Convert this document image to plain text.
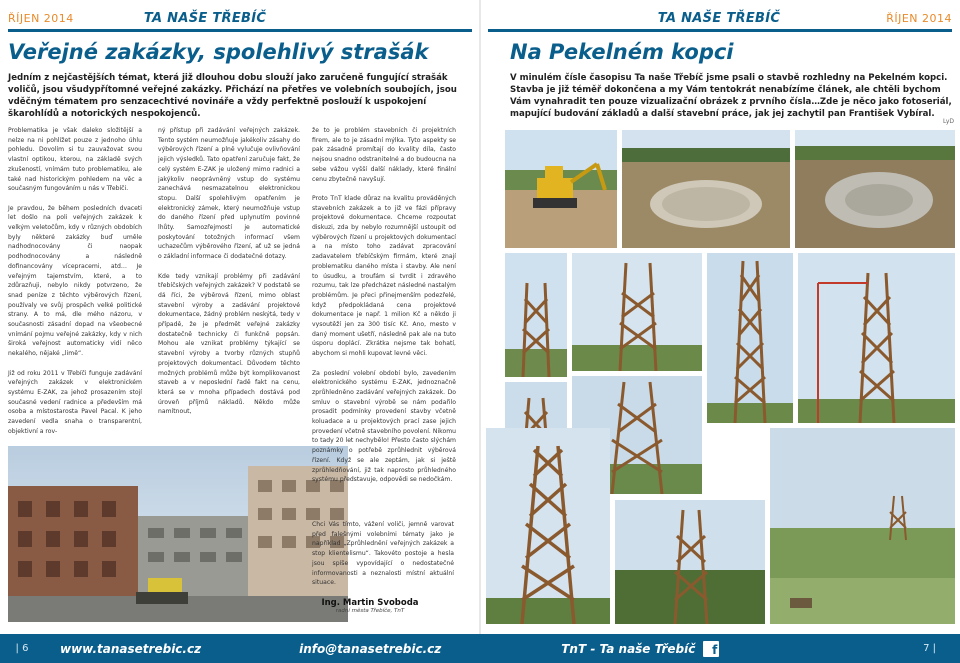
ŘÍJEN 2014	TA NAŠE TŘEBÍČ
Veřejné zakázky, spolehlivý strašák

Jedním z nejčastějších témat, která již dlouhou dobu slouží jako zaručeně fungující strašák voličů, jsou všudypřítomné veřejné zakázky. Přichází na přetřes ve volebních soubojích, jsou vděčným tématem pro senzacechtivé novináře a vždy perfektně poslouží k uspokojení škarohlídů a notorických nespokojenců.

Problematika je však daleko složitější a nelze na ni pohlížet pouze z jednoho úhlu pohledu. Dovolím si tu zauvažovat svou vlastní optikou, kterou, na základě svých zkušeností, vnímám tuto problematiku, ale také nad historickým pohledem na věc a současným fungováním u nás v Třebíči.

Je pravdou, že během posledních dvaceti let došlo na poli veřejných zakázek k velkým veletočům, kdy v různých obdobích byly některé zakázky buď uměle nadhodnocovány či naopak podhodnocovány a následně dofinancovány vícepracemi, atd… Je veřejným tajemstvím, které, a to zdůrazňuji, nebylo nikdy potvrzeno, že snad peníze z těchto výběrových řízení, používaly ve svůj prospěch velké politické strany. A to má, dle mého názoru, v současnosti zásadní dopad na všeobecné vnímání pojmu veřejné zakázky, kdy v nich široká veřejnost automaticky vidí něco nekalého, nějaké „limě“.

Již od roku 2011 v Třebíči funguje zadávání veřejných zakázek v elektronickém systému E-ZAK, za jehož prosazením stojí současné vedení radnice a především má osoba a místostarosta Pavel Pacal. K jeho zavedení vedla snaha o transparentní, objektivní a rov-

ný přístup při zadávání veřejných zakázek. Tento systém neumožňuje jakékoliv zásahy do výběrových řízení a plně vylučuje ovlivňování jejich výsledků. Tato opatření zaručuje fakt, že celý systém E-ZAK je uložený mimo radnici a jakýkoliv neoprávněný vstup do systému zanechává nesmazatelnou elektronickou stopu. Další spolehlivým opatřením je elektronický zámek, který neumožňuje vstup do daného řízení před uplynutím povinné lhůty. Samozřejmostí je automatické poskytování totožných informací všem uchazečům výběrového řízení, ať už se jedná o základní informace či dodatečné dotazy.

Kde tedy vznikají problémy při zadávání třebíčských veřejných zakázek? V podstatě se dá říci, že výběrová řízení, mimo oblast stavební výroby a zadávání projektové dokumentace, žádný problém neskýtá, tedy v případě, že je předmět veřejné zakázky dostatečně technicky či funkčně popsán. Mohou ale vznikat problémy týkající se stavební výroby a tvorby různých stupňů projektových dokumentací. Důvodem těchto možných problémů může být komplikovanost staveb a v neposlední řadě fakt na cenu, která se v mnoha případech dostává pod úroveň příjmů nákladů. Někdo může namítnout,

TA NAŠE TŘEBÍČ	ŘÍJEN 2014
Na Pekelném kopci

V minulém čísle časopisu Ta naše Třebíč jsme psali o stavbě rozhledny na Pekelném kopci. Stavba je již téměř dokončena a my Vám tentokrát nenabízíme článek, ale chtěli bychom Vám vynahradit ten pouze vizualizační obrázek z prvního čísla…Zde je něco jako fotoseriál, mapující budování základů a další stavební práce, jak jej zachytil pan František Vybíral.

LyD

že to je problém stavebních či projektních firem, ale to je zásadní mýlka. Tyto aspekty se pak zásadně promítají do kvality díla, často nejsou snadno odstranitelné a do budoucna na sebe vážou vyšší další náklady, které finální cenu zbytečně navyšují.

Proto TnT klade důraz na kvalitu prováděných stavebních zakázek a to již ve fázi přípravy projektové dokumentace. Chceme rozpoutat diskuzi, zda by nebylo rozumnější ustoupit od výběrových řízení u projektových dokumentací a na místo toho zadávat zpracování zadavatelem třebíčským firmám, které znají problematiku daného místa i stavby. Ale není to úsudku, a troufám si tvrdit i zdravého rozumu, tak lze předcházet následné nastalým problémům. Je přeci přinejmenším podezřelé, když předpokládaná cena projektové dokumentace je např. 1 milion Kč a někdo ji vysoutěží jen za 300 tisíc Kč. Ano, mesto v daný moment ušetří, následně pak ale na tuto úsporu doplácí. Zkrátka nejsme tak bohatí, abychom si mohli kupovat levné věci.

Za poslední volební období bylo, zavedením elektronického systému E-ZAK, jednoznačně zprůhledněno zadávání veřejných zakázek. Do smluv o stavební výrobě se nám podařilo prosadit podmínky provedení stavby včetně koluadace a u projektových prací zase jejich provedení včetně stavebního povolení. Nikomu to tady 20 let nechybělo! Přesto často slýchám poznámky o potřebě zprůhlednit výběrová řízení. Když se ale zeptám, jak si ještě zprůhledňování, již tak naprosto průhledného systému představuje, odpovědi se nedočkám.

Chci Vás tímto, vážení voliči, jemně varovat před falešnými volebními tématy jako je například „Zprůhlednění veřejných zakázek a stop klientelismu“. Takovéto postoje a hesla jsou spíše vypovídající o nedostatečné informovanosti a neznalosti místní aktuální situace.

Ing. Martin Svoboda
radní města Třebíče, TnT
| 6	www.tanasetrebic.cz	info@tanasetrebic.cz	TnT - Ta naše Třebíč	f	7 |
